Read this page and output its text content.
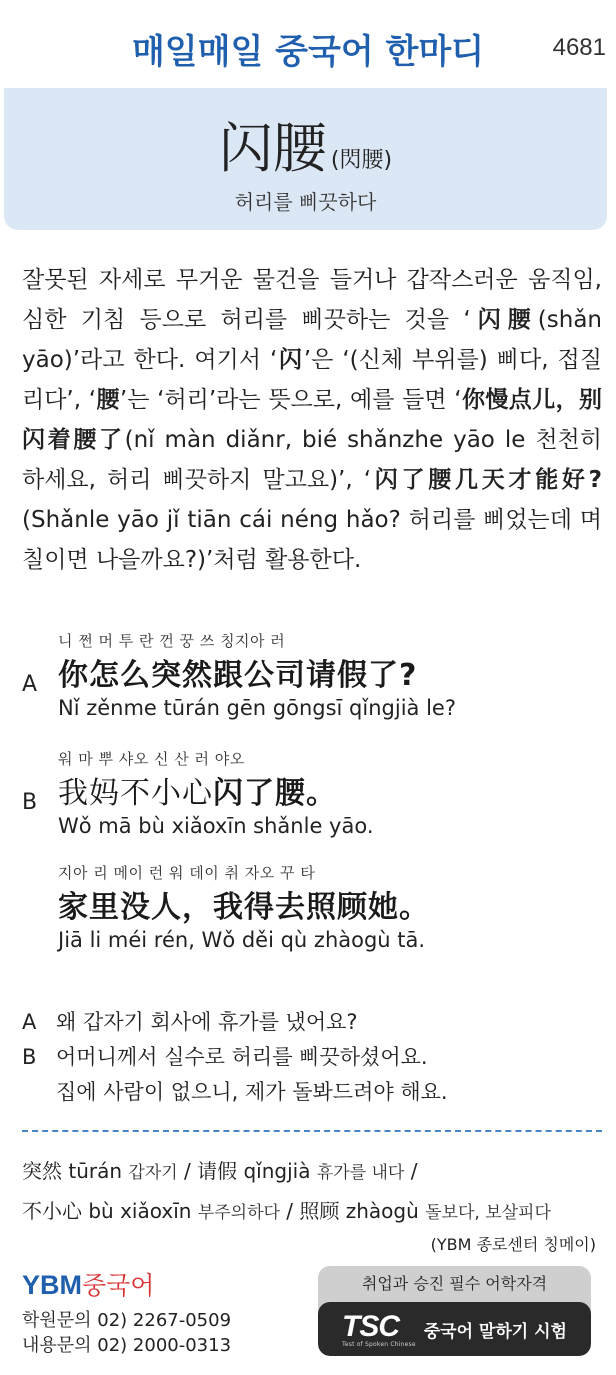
매일매일 중국어 한마디	4681
闪腰 (閃腰)
허리를 삐끗하다
잘못된 자세로 무거운 물건을 들거나 갑작스러운 움직임, 심한 기침 등으로 허리를 삐끗하는 것을 ‘闪腰(shǎn yāo)’라고 한다. 여기서 ‘闪’은 ‘(신체 부위를) 삐다, 접질리다’, ‘腰’는 ‘허리’라는 뜻으로, 예를 들면 ‘你慢点儿，别闪着腰了(nǐ màn diǎnr, bié shǎnzhe yāo le 천천히 하세요, 허리 삐끗하지 말고요)’, ‘闪了腰几天才能好?(Shǎnle yāo jǐ tiān cái néng hǎo? 허리를 삐었는데 며칠이면 나을까요?)’처럼 활용한다.
A
니 쩐 머 투 란 껀 꿍 쓰 칭지아 러
你怎么突然跟公司请假了?
Nǐ zěnme tūrán gēn gōngsī qǐngjià le?
B
워 마 뿌 샤오 신 산 러 야오
我妈不小心闪了腰。
Wǒ mā bù xiǎoxīn shǎnle yāo.
지아 리 메이 런 워 데이 취 자오 꾸 타
家里没人，我得去照顾她。
Jiā li méi rén, Wǒ děi qù zhàogù tā.
A 왜 갑자기 회사에 휴가를 냈어요?
B 어머니께서 실수로 허리를 삐끗하셨어요.
집에 사람이 없으니, 제가 돌봐드려야 해요.
突然 tūrán 갑자기 / 请假 qǐngjià 휴가를 내다 /
不小心 bù xiǎoxīn 부주의하다 / 照顾 zhàogù 돌보다, 보살피다
(YBM 종로센터 칭메이)
YBM중국어
학원문의 02) 2267-0509
내용문의 02) 2000-0313
취업과 승진 필수 어학자격
TSC
Test of Spoken Chinese
중국어 말하기 시험
